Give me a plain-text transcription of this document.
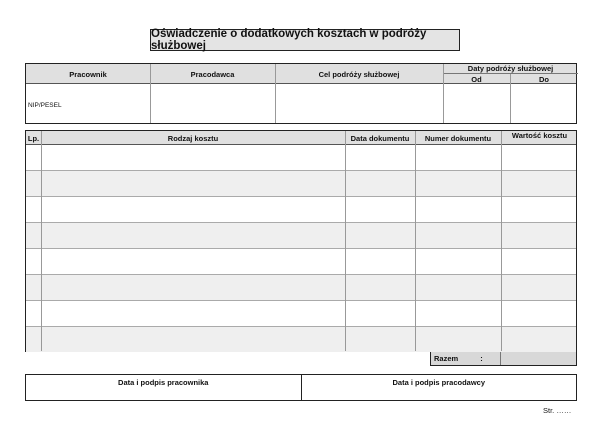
Oświadczenie o dodatkowych kosztach w podróży służbowej
Pracownik	Pracodawca	Cel podróży służbowej
Daty podróży służbowej
Od	Do
NIP/PESEL
Lp.	Rodzaj kosztu	Data dokumentu	Numer dokumentu	Wartość kosztu
Razem	:
Data i podpis pracownika	Data i podpis pracodawcy
Str. ……
